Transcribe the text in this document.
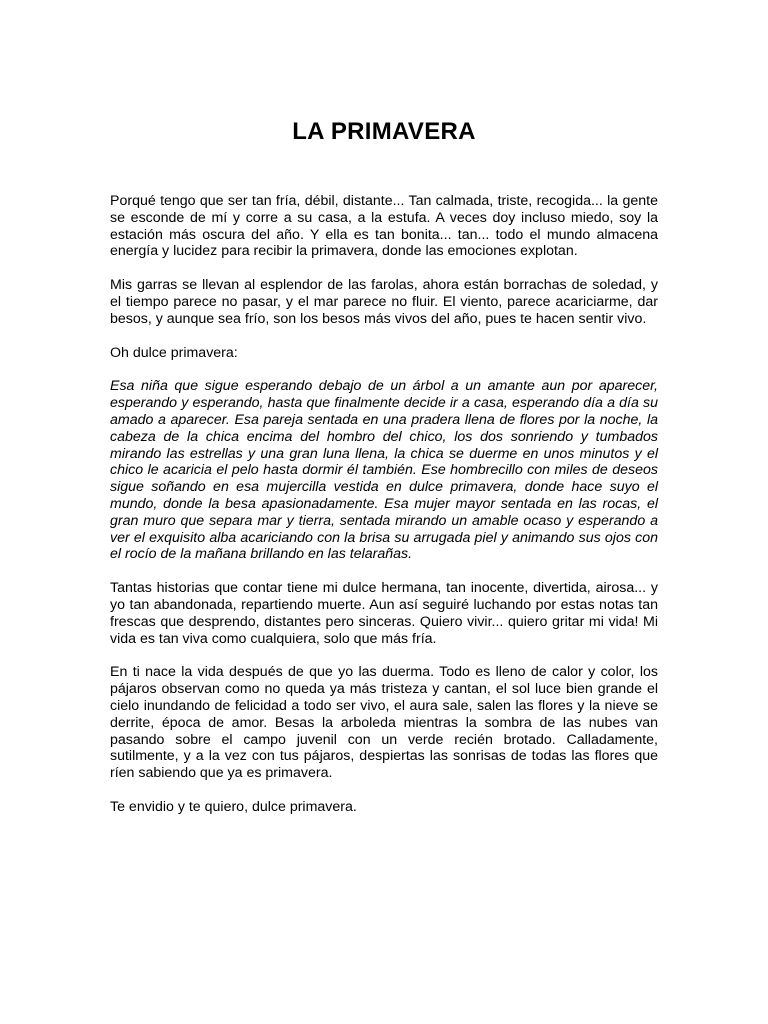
LA PRIMAVERA

Porqué tengo que ser tan fría, débil, distante... Tan calmada, triste, recogida... la gente se esconde de mí y corre a su casa, a la estufa. A veces doy incluso miedo, soy la estación más oscura del año. Y ella es tan bonita... tan... todo el mundo almacena energía y lucidez para recibir la primavera, donde las emociones explotan.

Mis garras se llevan al esplendor de las farolas, ahora están borrachas de soledad, y el tiempo parece no pasar, y el mar parece no fluir. El viento, parece acariciarme, dar besos, y aunque sea frío, son los besos más vivos del año, pues te hacen sentir vivo.

Oh dulce primavera:

Esa niña que sigue esperando debajo de un árbol a un amante aun por aparecer, esperando y esperando, hasta que finalmente decide ir a casa, esperando día a día su amado a aparecer. Esa pareja sentada en una pradera llena de flores por la noche, la cabeza de la chica encima del hombro del chico, los dos sonriendo y tumbados mirando las estrellas y una gran luna llena, la chica se duerme en unos minutos y el chico le acaricia el pelo hasta dormir él también. Ese hombrecillo con miles de deseos sigue soñando en esa mujercilla vestida en dulce primavera, donde hace suyo el mundo, donde la besa apasionadamente. Esa mujer mayor sentada en las rocas, el gran muro que separa mar y tierra, sentada mirando un amable ocaso y esperando a ver el exquisito alba acariciando con la brisa su arrugada piel y animando sus ojos con el rocío de la mañana brillando en las telarañas.

Tantas historias que contar tiene mi dulce hermana, tan inocente, divertida, airosa... y yo tan abandonada, repartiendo muerte. Aun así seguiré luchando por estas notas tan frescas que desprendo, distantes pero sinceras. Quiero vivir... quiero gritar mi vida! Mi vida es tan viva como cualquiera, solo que más fría.

En ti nace la vida después de que yo las duerma. Todo es lleno de calor y color, los pájaros observan como no queda ya más tristeza y cantan, el sol luce bien grande el cielo inundando de felicidad a todo ser vivo, el aura sale, salen las flores y la nieve se derrite, época de amor. Besas la arboleda mientras la sombra de las nubes van pasando sobre el campo juvenil con un verde recién brotado. Calladamente, sutilmente, y a la vez con tus pájaros, despiertas las sonrisas de todas las flores que ríen sabiendo que ya es primavera.

Te envidio y te quiero, dulce primavera.
